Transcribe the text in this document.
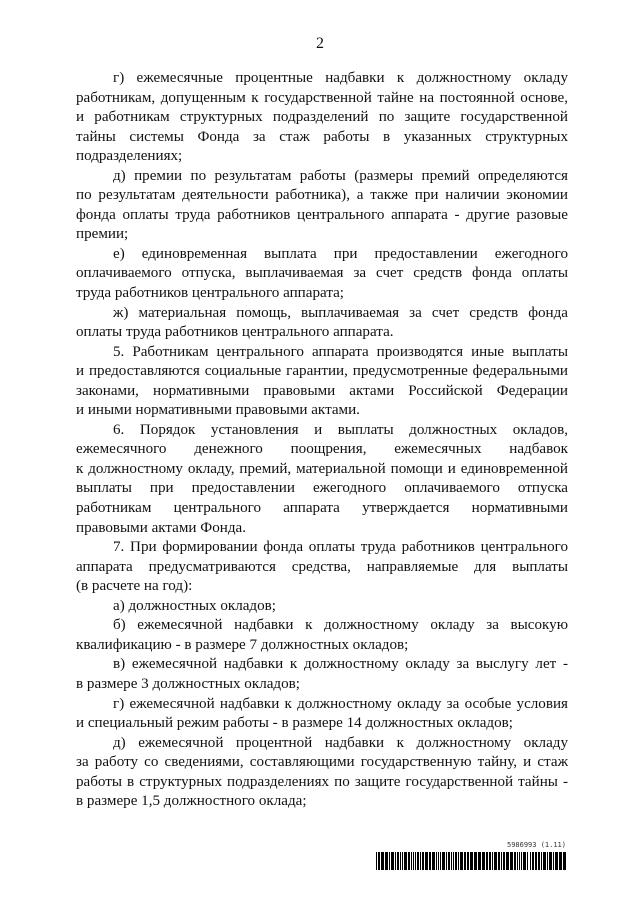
2
г) ежемесячные процентные надбавки к должностному окладу
работникам, допущенным к государственной тайне на постоянной основе,
и работникам структурных подразделений по защите государственной
тайны системы Фонда за стаж работы в указанных структурных
подразделениях;
д) премии по результатам работы (размеры премий определяются
по результатам деятельности работника), а также при наличии экономии
фонда оплаты труда работников центрального аппарата - другие разовые
премии;
е) единовременная выплата при предоставлении ежегодного
оплачиваемого отпуска, выплачиваемая за счет средств фонда оплаты
труда работников центрального аппарата;
ж) материальная помощь, выплачиваемая за счет средств фонда
оплаты труда работников центрального аппарата.
5. Работникам центрального аппарата производятся иные выплаты
и предоставляются социальные гарантии, предусмотренные федеральными
законами, нормативными правовыми актами Российской Федерации
и иными нормативными правовыми актами.
6. Порядок установления и выплаты должностных окладов,
ежемесячного денежного поощрения, ежемесячных надбавок
к должностному окладу, премий, материальной помощи и единовременной
выплаты при предоставлении ежегодного оплачиваемого отпуска
работникам центрального аппарата утверждается нормативными
правовыми актами Фонда.
7. При формировании фонда оплаты труда работников центрального
аппарата предусматриваются средства, направляемые для выплаты
(в расчете на год):
а) должностных окладов;
б) ежемесячной надбавки к должностному окладу за высокую
квалификацию - в размере 7 должностных окладов;
в) ежемесячной надбавки к должностному окладу за выслугу лет -
в размере 3 должностных окладов;
г) ежемесячной надбавки к должностному окладу за особые условия
и специальный режим работы - в размере 14 должностных окладов;
д) ежемесячной процентной надбавки к должностному окладу
за работу со сведениями, составляющими государственную тайну, и стаж
работы в структурных подразделениях по защите государственной тайны -
в размере 1,5 должностного оклада;
5986993 (1.11)
